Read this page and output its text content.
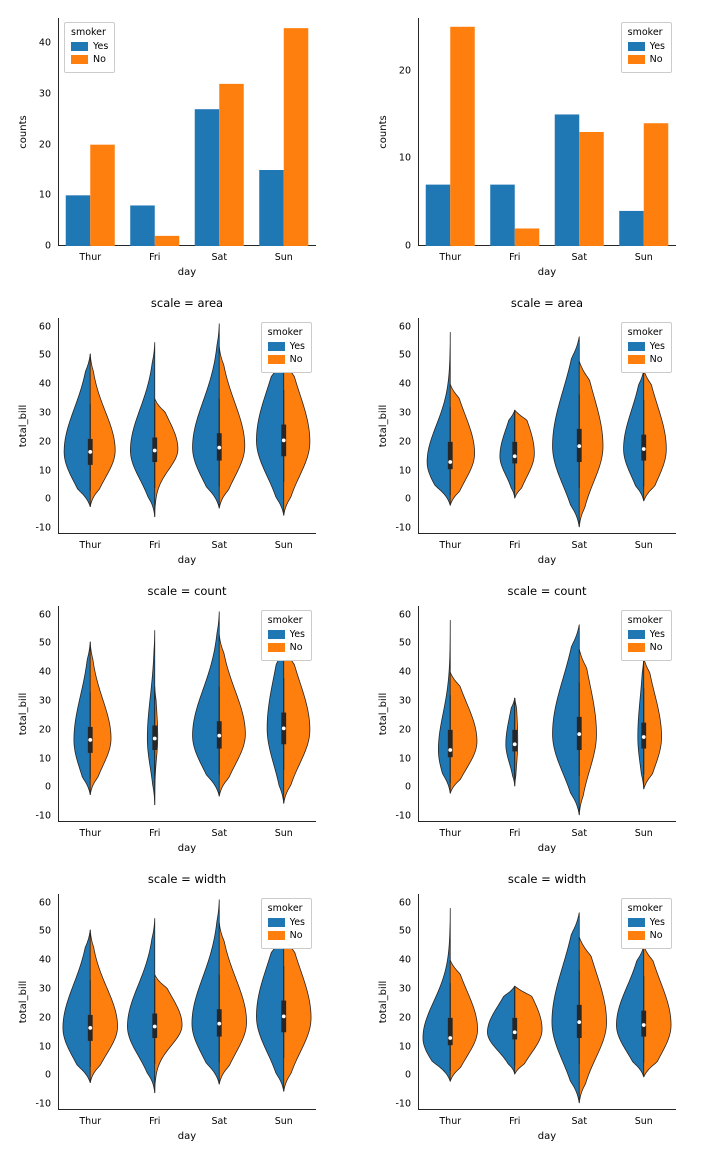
0
10
20
30
40
Thur	Fri	Sat	Sun
day
counts
smoker
Yes
No
0
10
20
Thur	Fri	Sat	Sun
day
counts
smoker
Yes
No
scale = area
-10
0
10
20
30
40
50
60
Thur	Fri	Sat	Sun
day
total_bill
smoker
Yes
No
scale = area
-10
0
10
20
30
40
50
60
Thur	Fri	Sat	Sun
day
total_bill
smoker
Yes
No
scale = count
-10
0
10
20
30
40
50
60
Thur	Fri	Sat	Sun
day
total_bill
smoker
Yes
No
scale = count
-10
0
10
20
30
40
50
60
Thur	Fri	Sat	Sun
day
total_bill
smoker
Yes
No
scale = width
-10
0
10
20
30
40
50
60
Thur	Fri	Sat	Sun
day
total_bill
smoker
Yes
No
scale = width
-10
0
10
20
30
40
50
60
Thur	Fri	Sat	Sun
day
total_bill
smoker
Yes
No
